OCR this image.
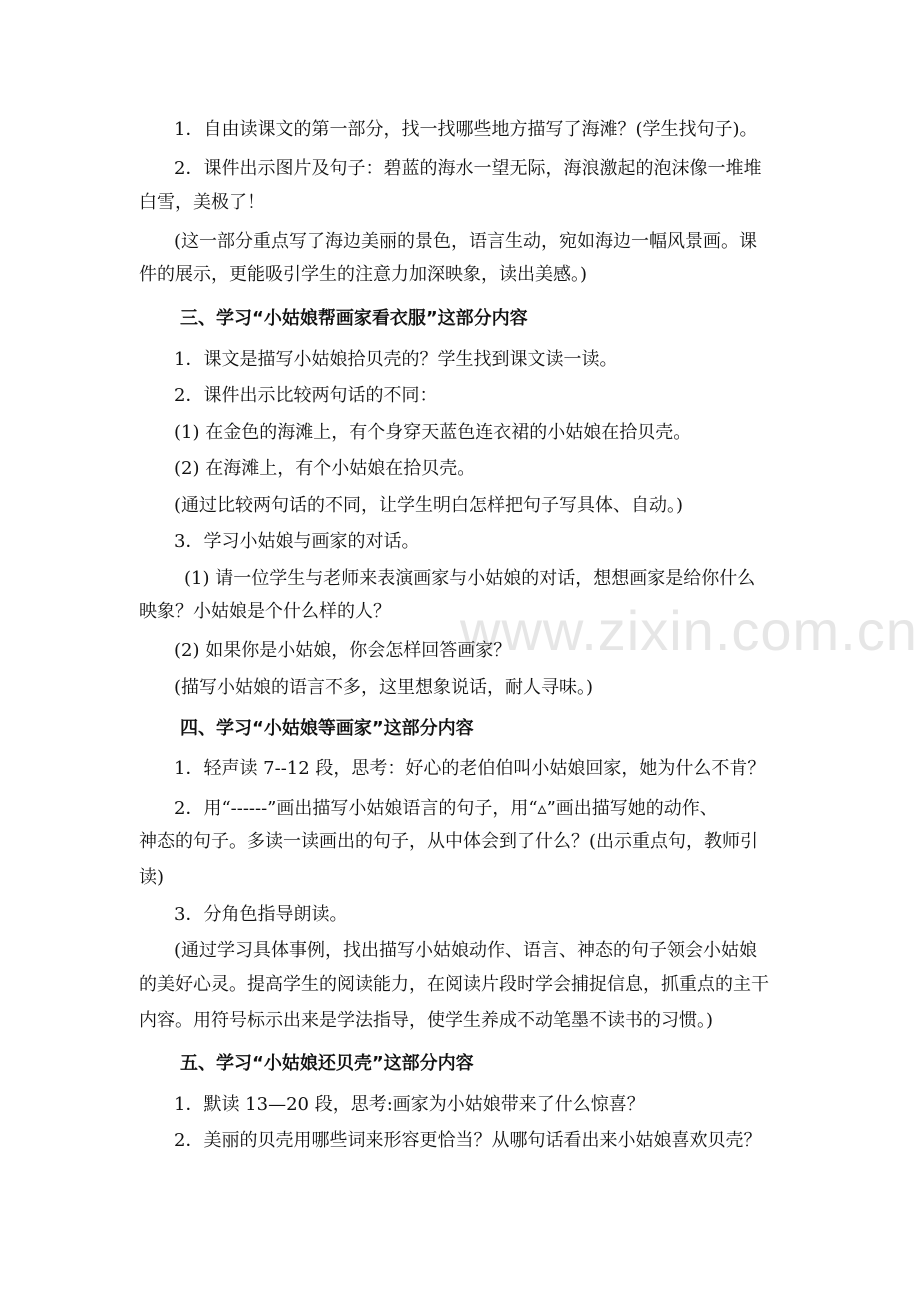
www.zixin.com.cn
1．自由读课文的第一部分，找一找哪些地方描写了海滩？(学生找句子)。
2．课件出示图片及句子：碧蓝的海水一望无际，海浪激起的泡沫像一堆堆
白雪，美极了！
(这一部分重点写了海边美丽的景色，语言生动，宛如海边一幅风景画。课
件的展示，更能吸引学生的注意力加深映象，读出美感。)
三、学习“小姑娘帮画家看衣服”这部分内容
1．课文是描写小姑娘拾贝壳的？学生找到课文读一读。
2．课件出示比较两句话的不同：
(1) 在金色的海滩上，有个身穿天蓝色连衣裙的小姑娘在拾贝壳。
(2) 在海滩上，有个小姑娘在拾贝壳。
(通过比较两句话的不同，让学生明白怎样把句子写具体、自动。)
3．学习小姑娘与画家的对话。
(1) 请一位学生与老师来表演画家与小姑娘的对话，想想画家是给你什么
映象？小姑娘是个什么样的人？
(2) 如果你是小姑娘，你会怎样回答画家？
(描写小姑娘的语言不多，这里想象说话，耐人寻味。)
四、学习“小姑娘等画家”这部分内容
1．轻声读 7--12 段，思考：好心的老伯伯叫小姑娘回家，她为什么不肯？
2．用“------”画出描写小姑娘语言的句子，用“▵”画出描写她的动作、
神态的句子。多读一读画出的句子，从中体会到了什么？(出示重点句，教师引
读)
3．分角色指导朗读。
(通过学习具体事例，找出描写小姑娘动作、语言、神态的句子领会小姑娘
的美好心灵。提高学生的阅读能力，在阅读片段时学会捕捉信息，抓重点的主干
内容。用符号标示出来是学法指导，使学生养成不动笔墨不读书的习惯。)
五、学习“小姑娘还贝壳”这部分内容
1．默读 13—20 段，思考:画家为小姑娘带来了什么惊喜？
2．美丽的贝壳用哪些词来形容更恰当？从哪句话看出来小姑娘喜欢贝壳？
